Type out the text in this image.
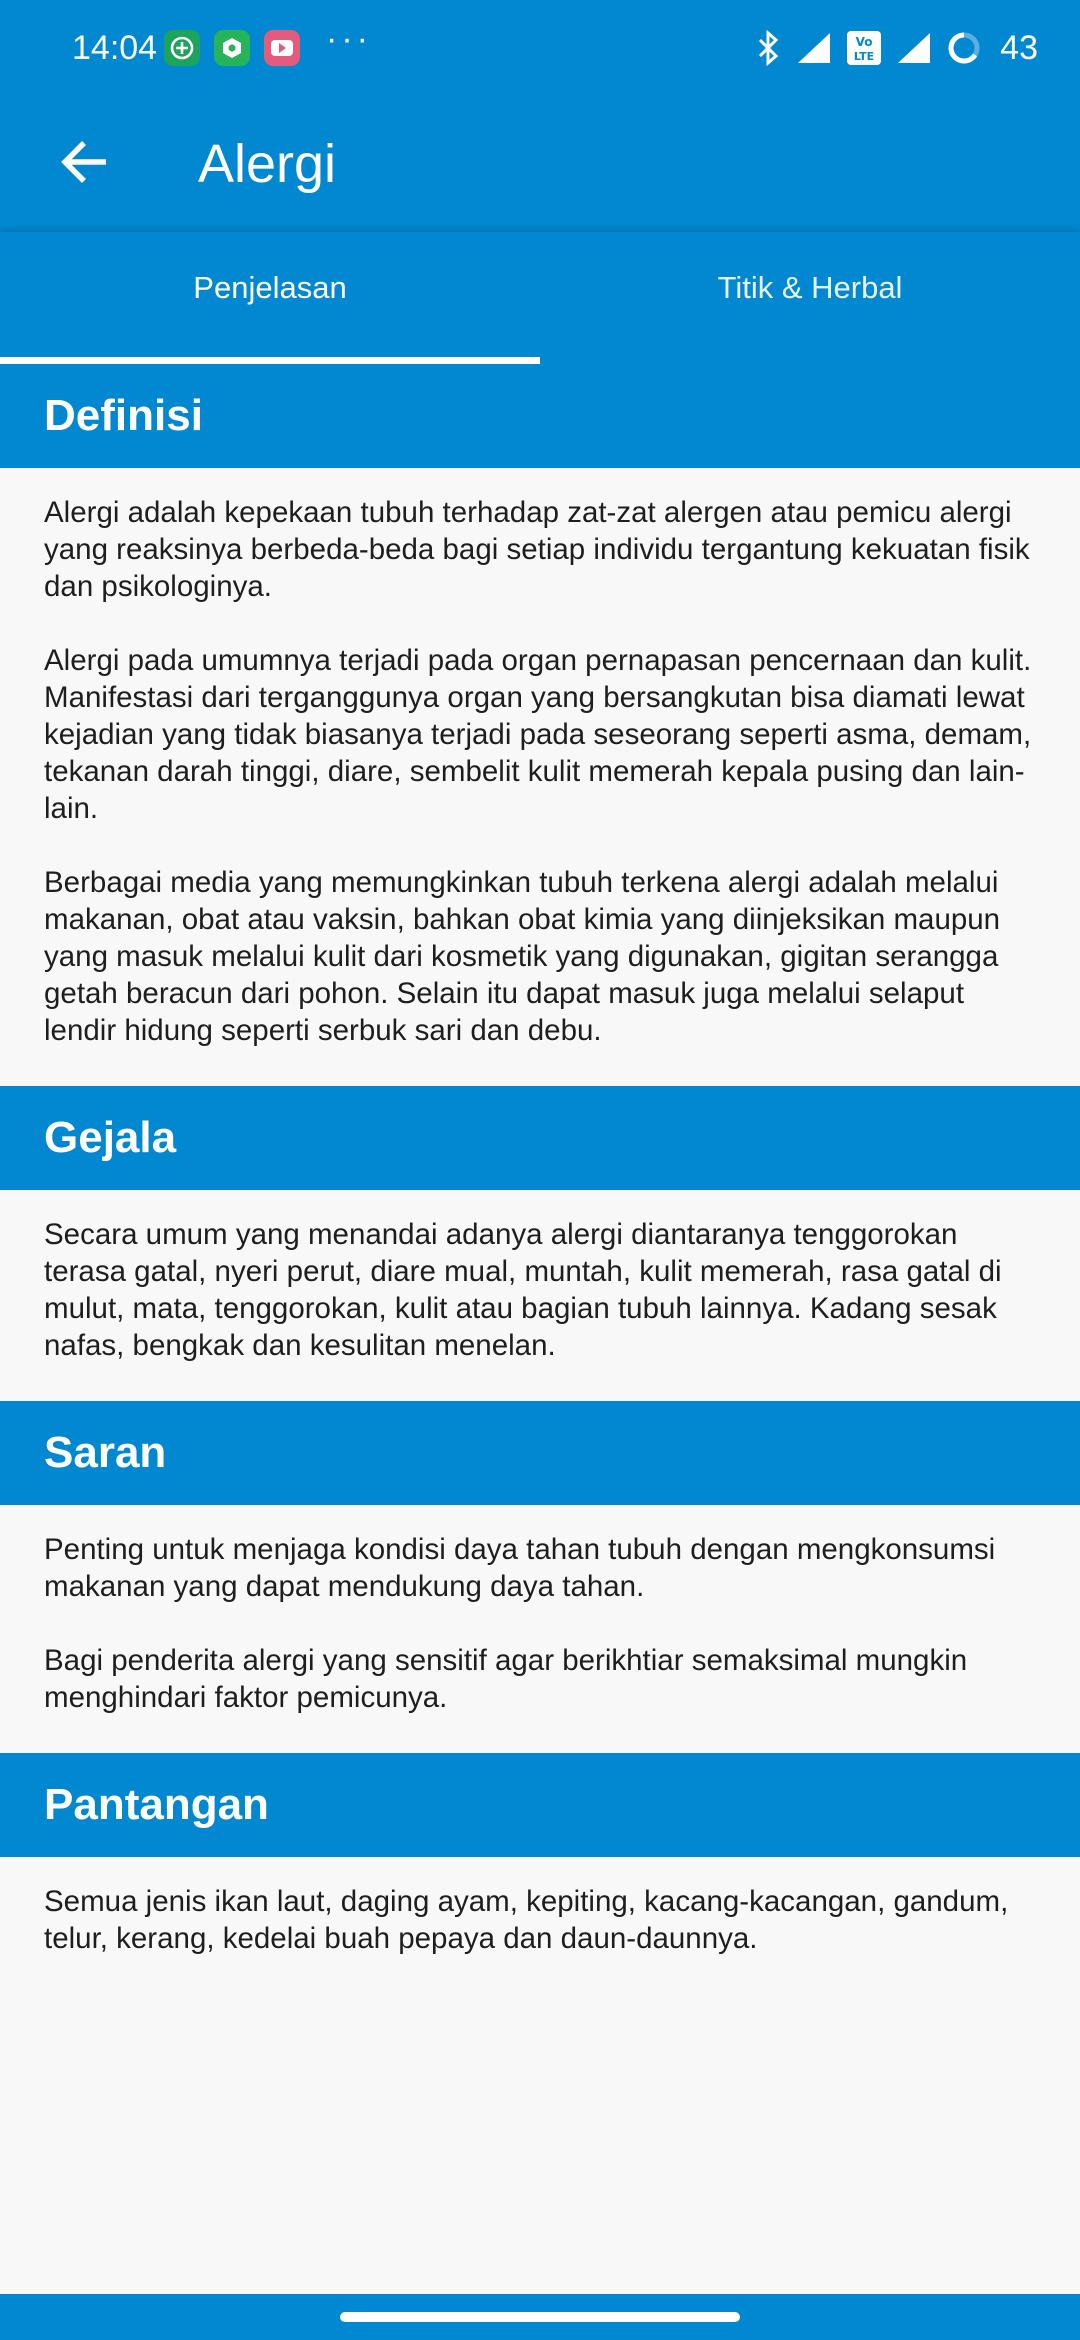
14:04	···	Vo
LTE	43
Alergi
Penjelasan	Titik & Herbal
Definisi

Alergi adalah kepekaan tubuh terhadap zat-zat alergen atau pemicu alergi yang reaksinya berbeda-beda bagi setiap individu tergantung kekuatan fisik dan psikologinya.

Alergi pada umumnya terjadi pada organ pernapasan pencernaan dan kulit. Manifestasi dari terganggunya organ yang bersangkutan bisa diamati lewat kejadian yang tidak biasanya terjadi pada seseorang seperti asma, demam, tekanan darah tinggi, diare, sembelit kulit memerah kepala pusing dan lain-lain.

Berbagai media yang memungkinkan tubuh terkena alergi adalah melalui makanan, obat atau vaksin, bahkan obat kimia yang diinjeksikan maupun yang masuk melalui kulit dari kosmetik yang digunakan, gigitan serangga getah beracun dari pohon. Selain itu dapat masuk juga melalui selaput lendir hidung seperti serbuk sari dan debu.

Gejala

Secara umum yang menandai adanya alergi diantaranya tenggorokan terasa gatal, nyeri perut, diare mual, muntah, kulit memerah, rasa gatal di mulut, mata, tenggorokan, kulit atau bagian tubuh lainnya. Kadang sesak nafas, bengkak dan kesulitan menelan.

Saran

Penting untuk menjaga kondisi daya tahan tubuh dengan mengkonsumsi makanan yang dapat mendukung daya tahan.

Bagi penderita alergi yang sensitif agar berikhtiar semaksimal mungkin menghindari faktor pemicunya.

Pantangan

Semua jenis ikan laut, daging ayam, kepiting, kacang-kacangan, gandum, telur, kerang, kedelai buah pepaya dan daun-daunnya.
